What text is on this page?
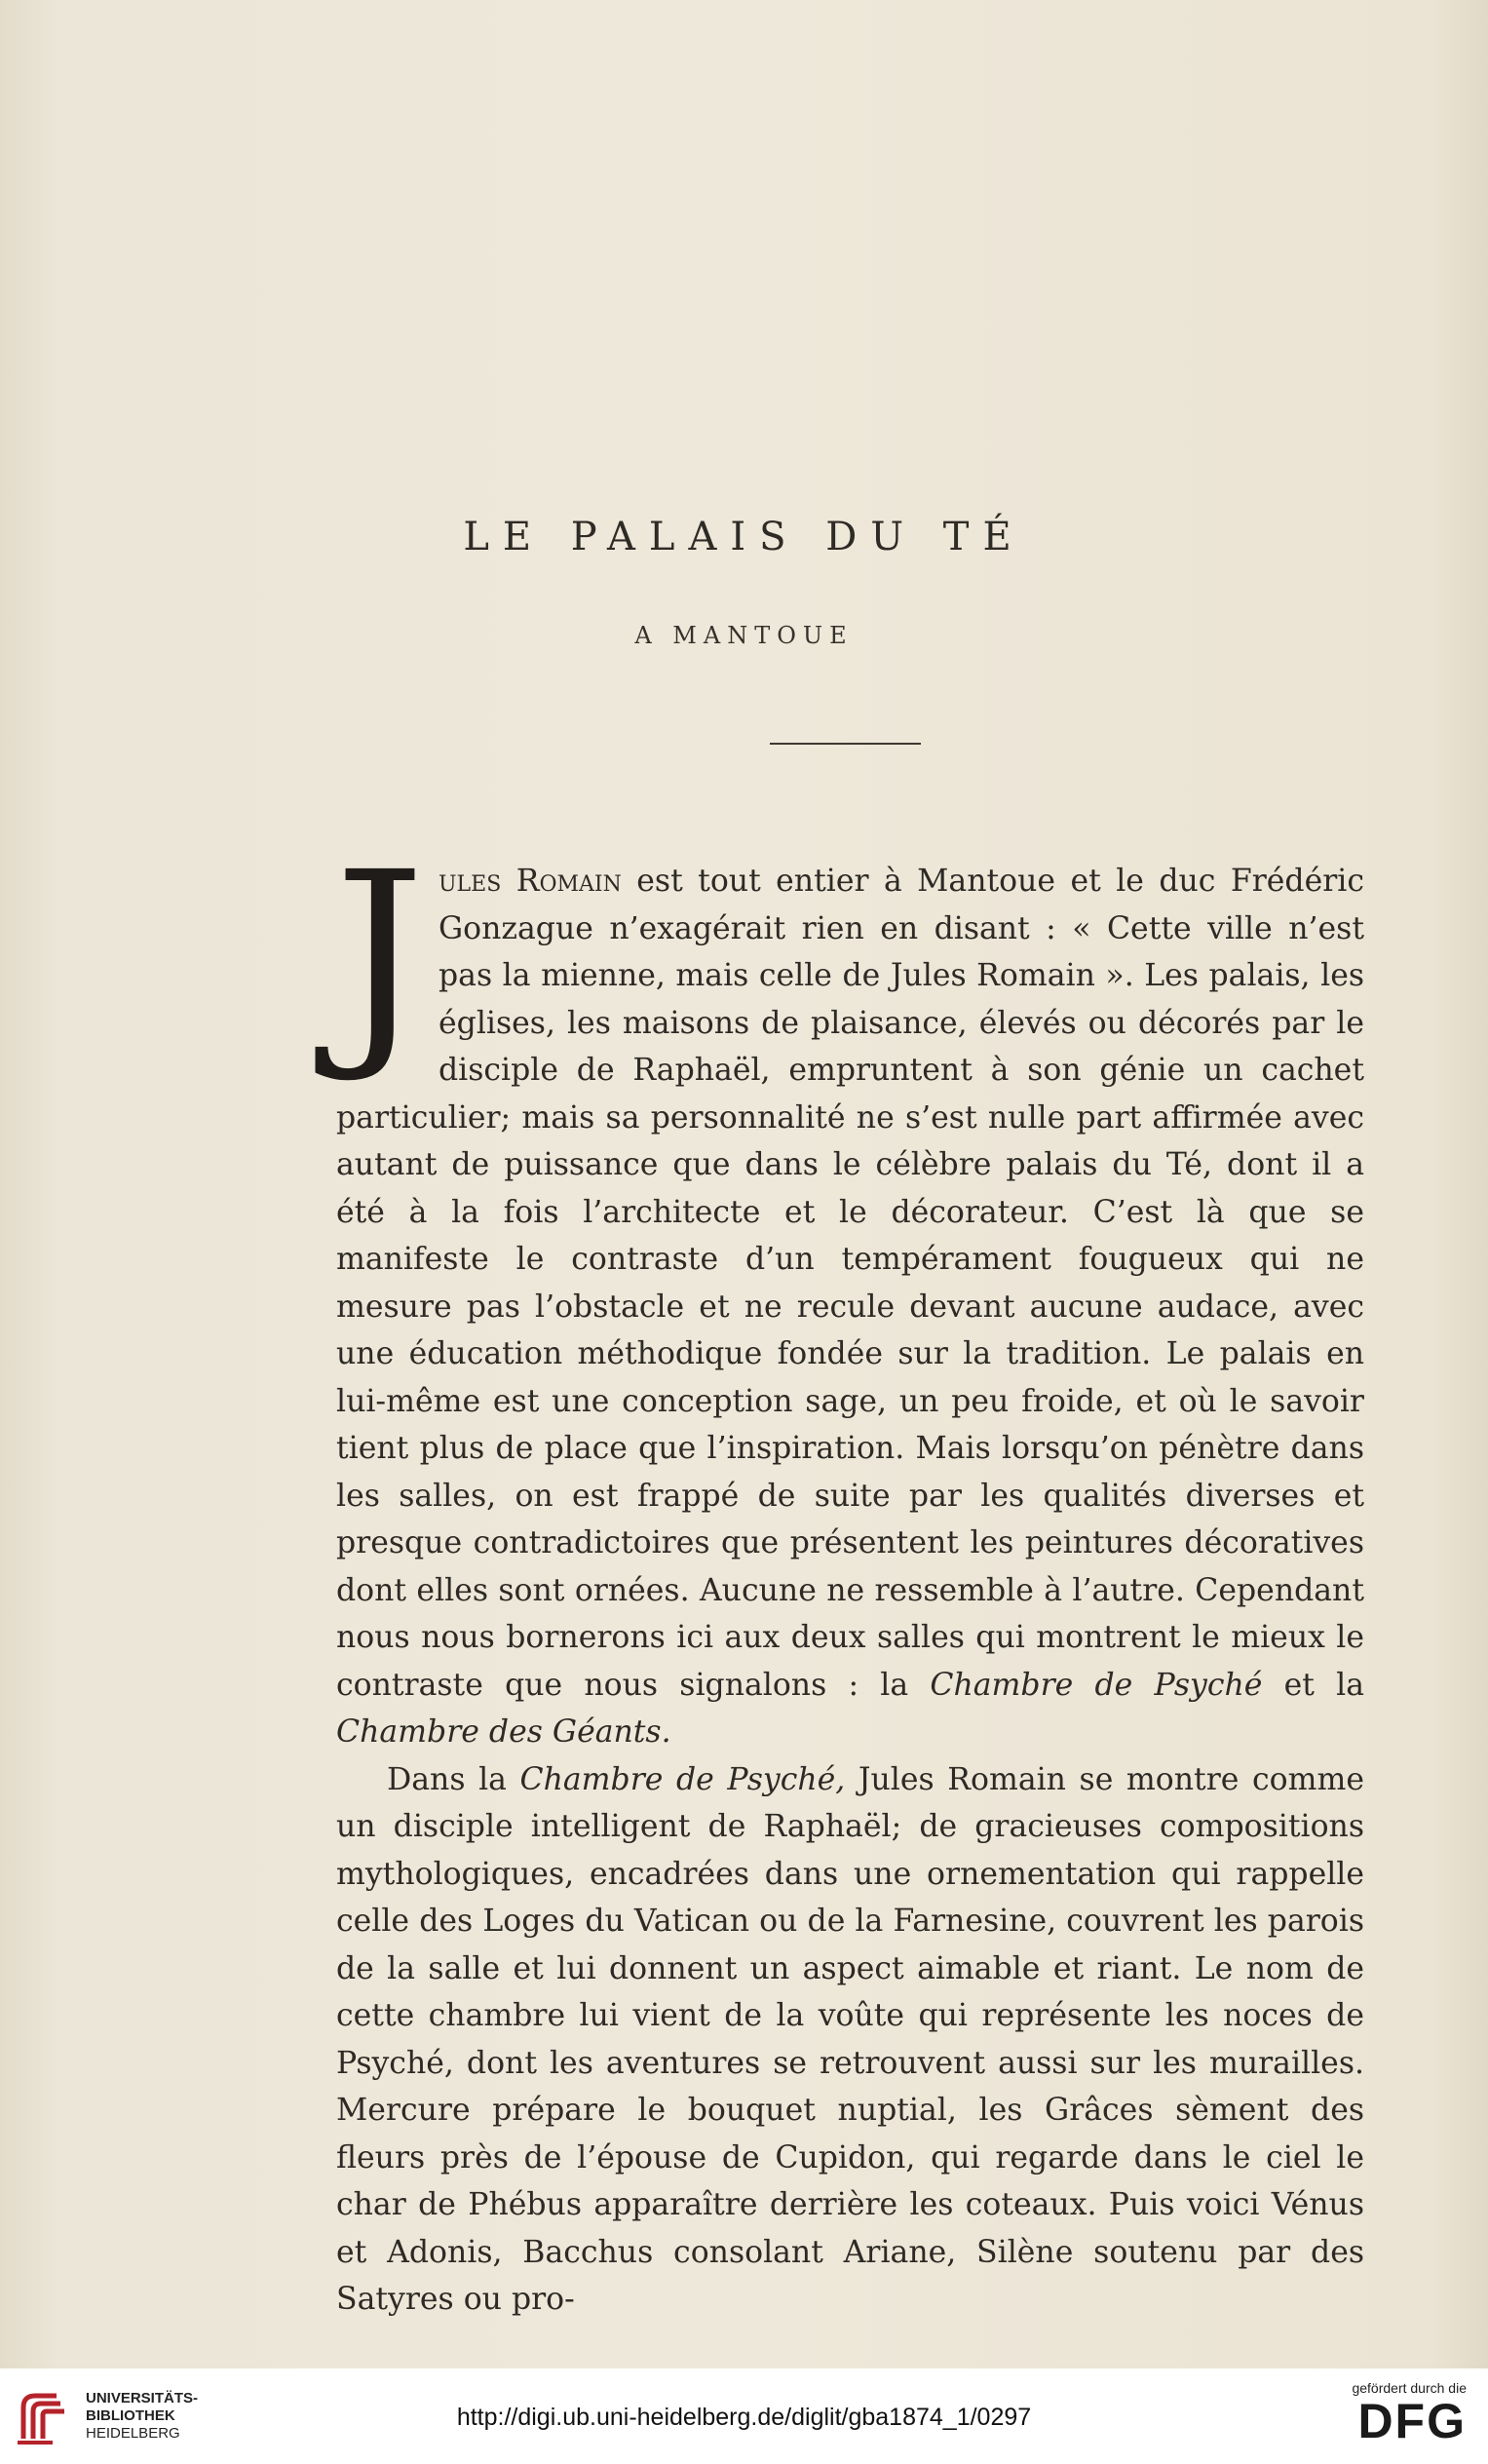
LE PALAIS DU TÉ
A MANTOUE

Jules Romain est tout entier à Mantoue et le duc Frédéric Gonzague n’exagérait rien en disant : « Cette ville n’est pas la mienne, mais celle de Jules Romain ». Les palais, les églises, les maisons de plaisance, élevés ou décorés par le disciple de Raphaël, empruntent à son génie un cachet particulier; mais sa personnalité ne s’est nulle part affirmée avec autant de puissance que dans le célèbre palais du Té, dont il a été à la fois l’architecte et le décorateur. C’est là que se manifeste le contraste d’un tempérament fougueux qui ne mesure pas l’obstacle et ne recule devant aucune audace, avec une éducation méthodique fondée sur la tradition. Le palais en lui-même est une conception sage, un peu froide, et où le savoir tient plus de place que l’inspiration. Mais lorsqu’on pénètre dans les salles, on est frappé de suite par les qualités diverses et presque contradictoires que présentent les peintures décoratives dont elles sont ornées. Aucune ne ressemble à l’autre. Cependant nous nous bornerons ici aux deux salles qui montrent le mieux le contraste que nous signalons : la Chambre de Psyché et la Chambre des Géants.

Dans la Chambre de Psyché, Jules Romain se montre comme un disciple intelligent de Raphaël; de gracieuses compositions mythologiques, encadrées dans une ornementation qui rappelle celle des Loges du Vatican ou de la Farnesine, couvrent les parois de la salle et lui donnent un aspect aimable et riant. Le nom de cette chambre lui vient de la voûte qui représente les noces de Psyché, dont les aventures se retrouvent aussi sur les murailles. Mercure prépare le bouquet nuptial, les Grâces sèment des fleurs près de l’épouse de Cupidon, qui regarde dans le ciel le char de Phébus apparaître derrière les coteaux. Puis voici Vénus et Adonis, Bacchus consolant Ariane, Silène soutenu par des Satyres ou pro-

UNIVERSITÄTS-
BIBLIOTHEK
HEIDELBERG
http://digi.ub.uni-heidelberg.de/diglit/gba1874_1/0297
gefördert durch die
DFG
